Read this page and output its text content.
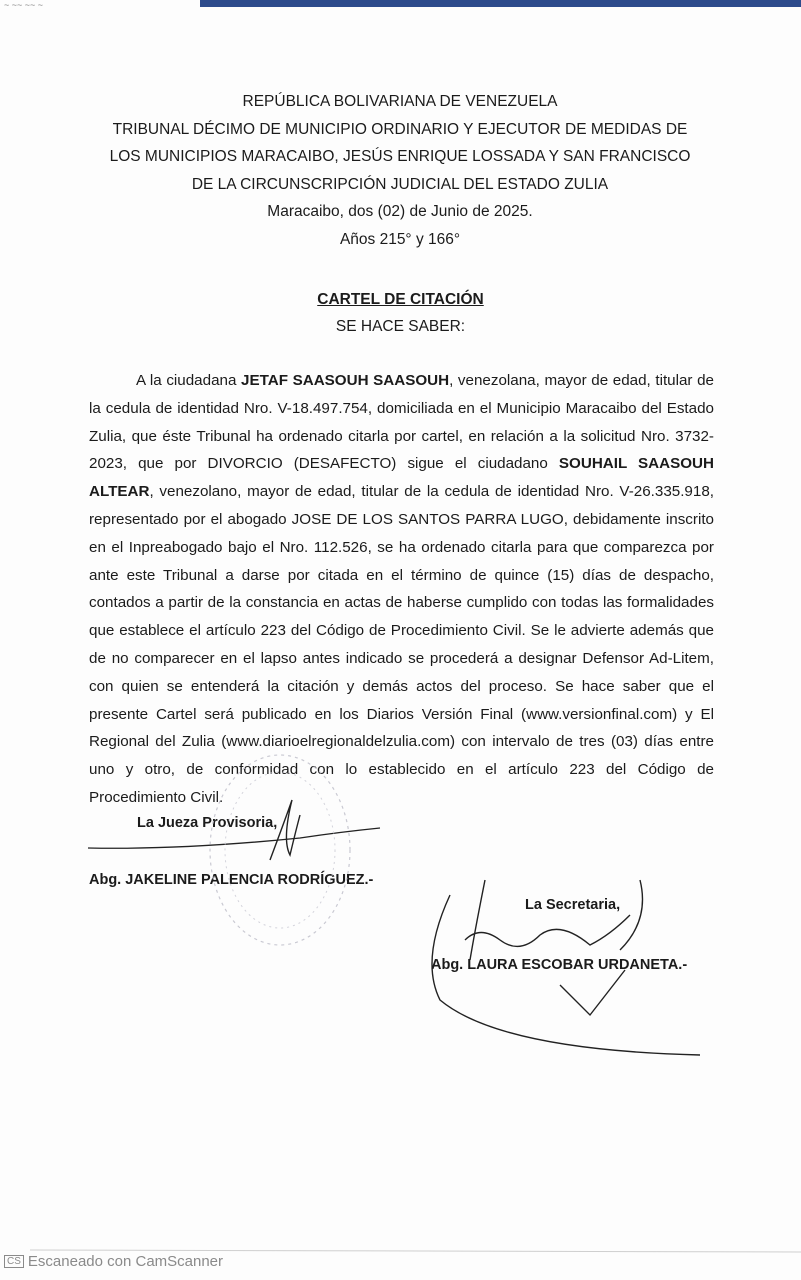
~ ~~ ~~ ~
REPÚBLICA BOLIVARIANA DE VENEZUELA
TRIBUNAL DÉCIMO DE MUNICIPIO ORDINARIO Y EJECUTOR DE MEDIDAS DE
LOS MUNICIPIOS MARACAIBO, JESÚS ENRIQUE LOSSADA Y SAN FRANCISCO
DE LA CIRCUNSCRIPCIÓN JUDICIAL DEL ESTADO ZULIA
Maracaibo, dos (02) de Junio de 2025.
Años 215° y 166°
CARTEL DE CITACIÓN
SE HACE SABER:
A la ciudadana JETAF SAASOUH SAASOUH, venezolana, mayor de edad, titular de la cedula de identidad Nro. V-18.497.754, domiciliada en el Municipio Maracaibo del Estado Zulia, que éste Tribunal ha ordenado citarla por cartel, en relación a la solicitud Nro. 3732-2023, que por DIVORCIO (DESAFECTO) sigue el ciudadano SOUHAIL SAASOUH ALTEAR, venezolano, mayor de edad, titular de la cedula de identidad Nro. V-26.335.918, representado por el abogado JOSE DE LOS SANTOS PARRA LUGO, debidamente inscrito en el Inpreabogado bajo el Nro. 112.526, se ha ordenado citarla para que comparezca por ante este Tribunal a darse por citada en el término de quince (15) días de despacho, contados a partir de la constancia en actas de haberse cumplido con todas las formalidades que establece el artículo 223 del Código de Procedimiento Civil. Se le advierte además que de no comparecer en el lapso antes indicado se procederá a designar Defensor Ad-Litem, con quien se entenderá la citación y demás actos del proceso. Se hace saber que el presente Cartel será publicado en los Diarios Versión Final (www.versionfinal.com) y El Regional del Zulia (www.diarioelregionaldelzulia.com) con intervalo de tres (03) días entre uno y otro, de conformidad con lo establecido en el artículo 223 del Código de Procedimiento Civil.
La Jueza Provisoria,
Abg. JAKELINE PALENCIA RODRÍGUEZ.-
La Secretaria,
Abg. LAURA ESCOBAR URDANETA.-
CS Escaneado con CamScanner
